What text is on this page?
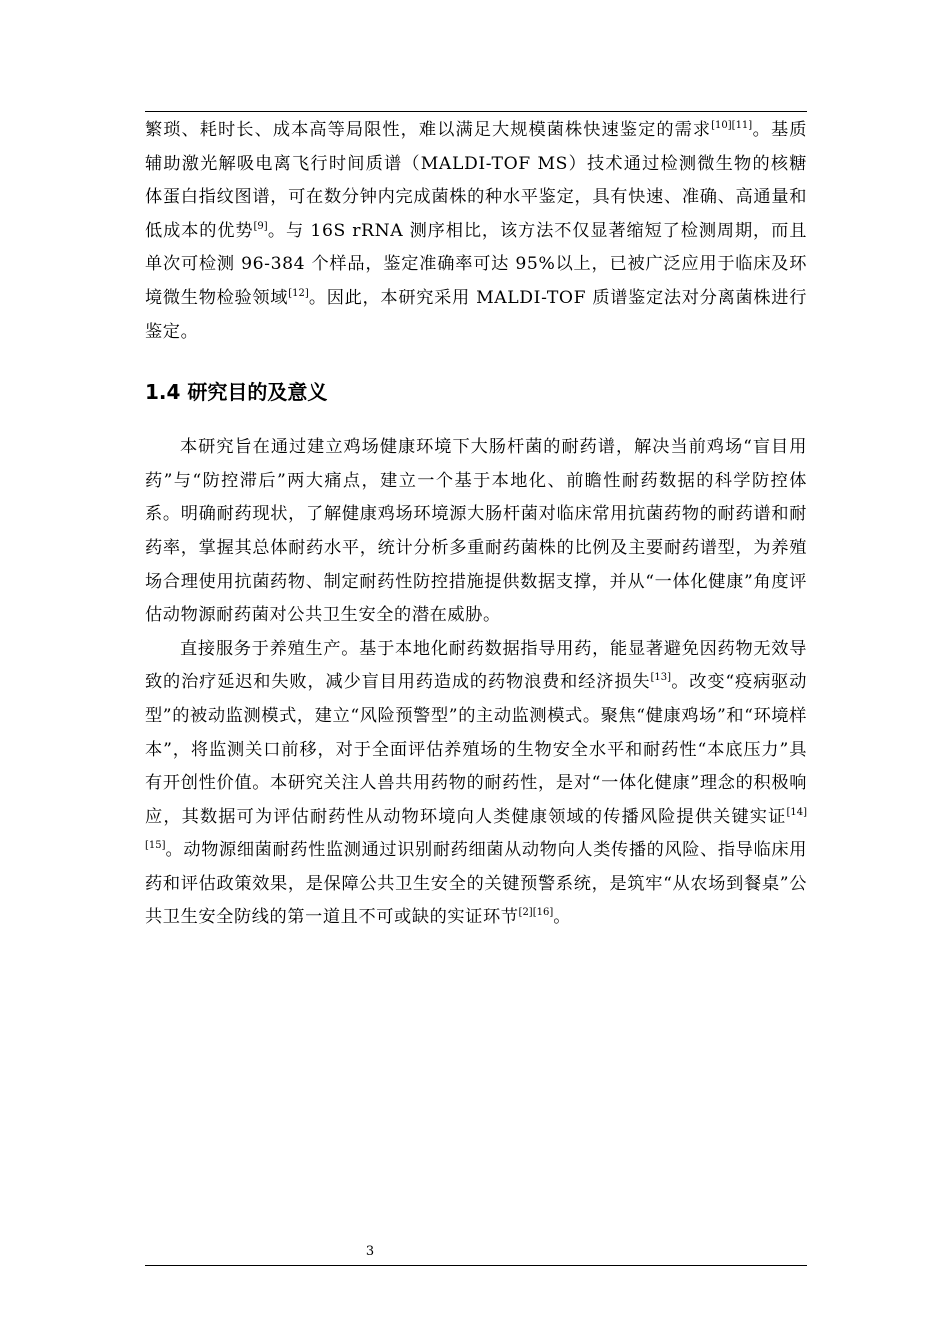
繁琐、耗时长、成本高等局限性，难以满足大规模菌株快速鉴定的需求[10][11]。基质辅助激光解吸电离飞行时间质谱（MALDI-TOF MS）技术通过检测微生物的核糖体蛋白指纹图谱，可在数分钟内完成菌株的种水平鉴定，具有快速、准确、高通量和低成本的优势[9]。与 16S rRNA 测序相比，该方法不仅显著缩短了检测周期，而且单次可检测 96-384 个样品，鉴定准确率可达 95%以上，已被广泛应用于临床及环境微生物检验领域[12]。因此，本研究采用 MALDI-TOF 质谱鉴定法对分离菌株进行鉴定。

1.4 研究目的及意义

本研究旨在通过建立鸡场健康环境下大肠杆菌的耐药谱，解决当前鸡场“盲目用药”与“防控滞后”两大痛点，建立一个基于本地化、前瞻性耐药数据的科学防控体系。明确耐药现状，了解健康鸡场环境源大肠杆菌对临床常用抗菌药物的耐药谱和耐药率，掌握其总体耐药水平，统计分析多重耐药菌株的比例及主要耐药谱型，为养殖场合理使用抗菌药物、制定耐药性防控措施提供数据支撑，并从“一体化健康”角度评估动物源耐药菌对公共卫生安全的潜在威胁。

直接服务于养殖生产。基于本地化耐药数据指导用药，能显著避免因药物无效导致的治疗延迟和失败，减少盲目用药造成的药物浪费和经济损失[13]。改变“疫病驱动型”的被动监测模式，建立“风险预警型”的主动监测模式。聚焦“健康鸡场”和“环境样本”，将监测关口前移，对于全面评估养殖场的生物安全水平和耐药性“本底压力”具有开创性价值。本研究关注人兽共用药物的耐药性，是对“一体化健康”理念的积极响应，其数据可为评估耐药性从动物环境向人类健康领域的传播风险提供关键实证[14][15]。动物源细菌耐药性监测通过识别耐药细菌从动物向人类传播的风险、指导临床用药和评估政策效果，是保障公共卫生安全的关键预警系统，是筑牢“从农场到餐桌”公共卫生安全防线的第一道且不可或缺的实证环节[2][16]。

3
